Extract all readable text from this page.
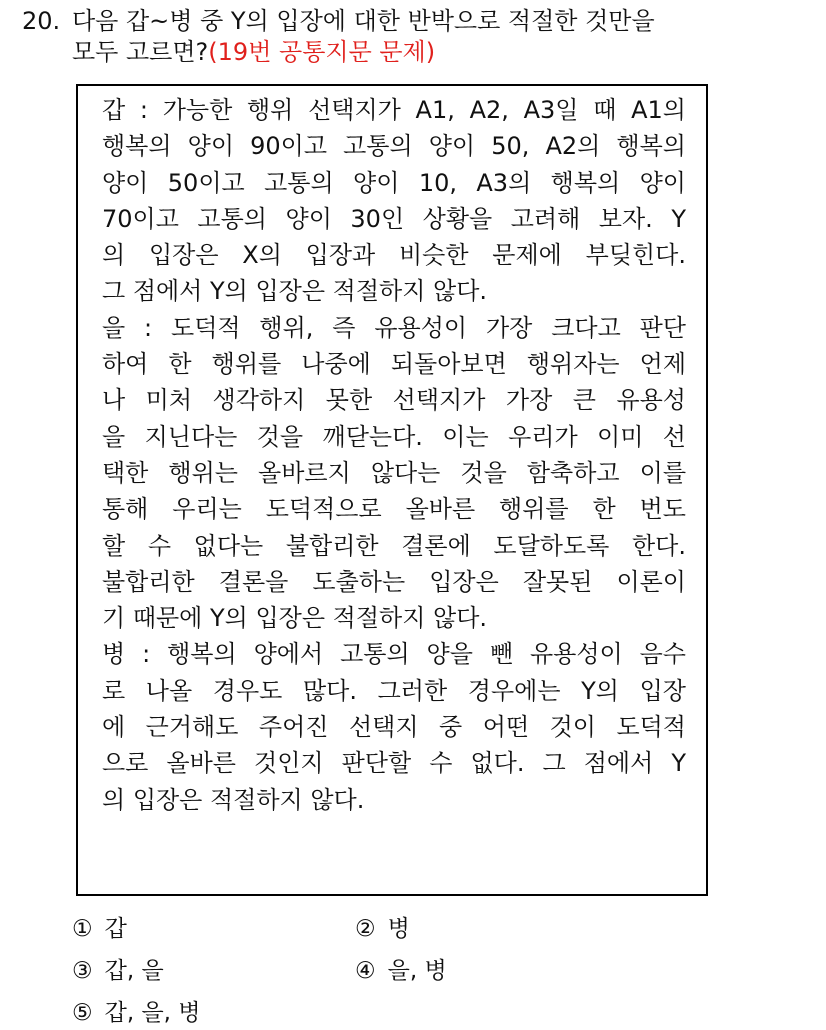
20. 다음 갑~병 중 Y의 입장에 대한 반박으로 적절한 것만을
모두 고르면?(19번 공통지문 문제)
갑 : 가능한 행위 선택지가 A1, A2, A3일 때 A1의
행복의 양이 90이고 고통의 양이 50, A2의 행복의
양이 50이고 고통의 양이 10, A3의 행복의 양이
70이고 고통의 양이 30인 상황을 고려해 보자. Y
의 입장은 X의 입장과 비슷한 문제에 부딪힌다.
그 점에서 Y의 입장은 적절하지 않다.
을 : 도덕적 행위, 즉 유용성이 가장 크다고 판단
하여 한 행위를 나중에 되돌아보면 행위자는 언제
나 미처 생각하지 못한 선택지가 가장 큰 유용성
을 지닌다는 것을 깨닫는다. 이는 우리가 이미 선
택한 행위는 올바르지 않다는 것을 함축하고 이를
통해 우리는 도덕적으로 올바른 행위를 한 번도
할 수 없다는 불합리한 결론에 도달하도록 한다.
불합리한 결론을 도출하는 입장은 잘못된 이론이
기 때문에 Y의 입장은 적절하지 않다.
병 : 행복의 양에서 고통의 양을 뺀 유용성이 음수
로 나올 경우도 많다. 그러한 경우에는 Y의 입장
에 근거해도 주어진 선택지 중 어떤 것이 도덕적
으로 올바른 것인지 판단할 수 없다. 그 점에서 Y
의 입장은 적절하지 않다.
① 갑	② 병
③ 갑, 을	④ 을, 병
⑤ 갑, 을, 병
